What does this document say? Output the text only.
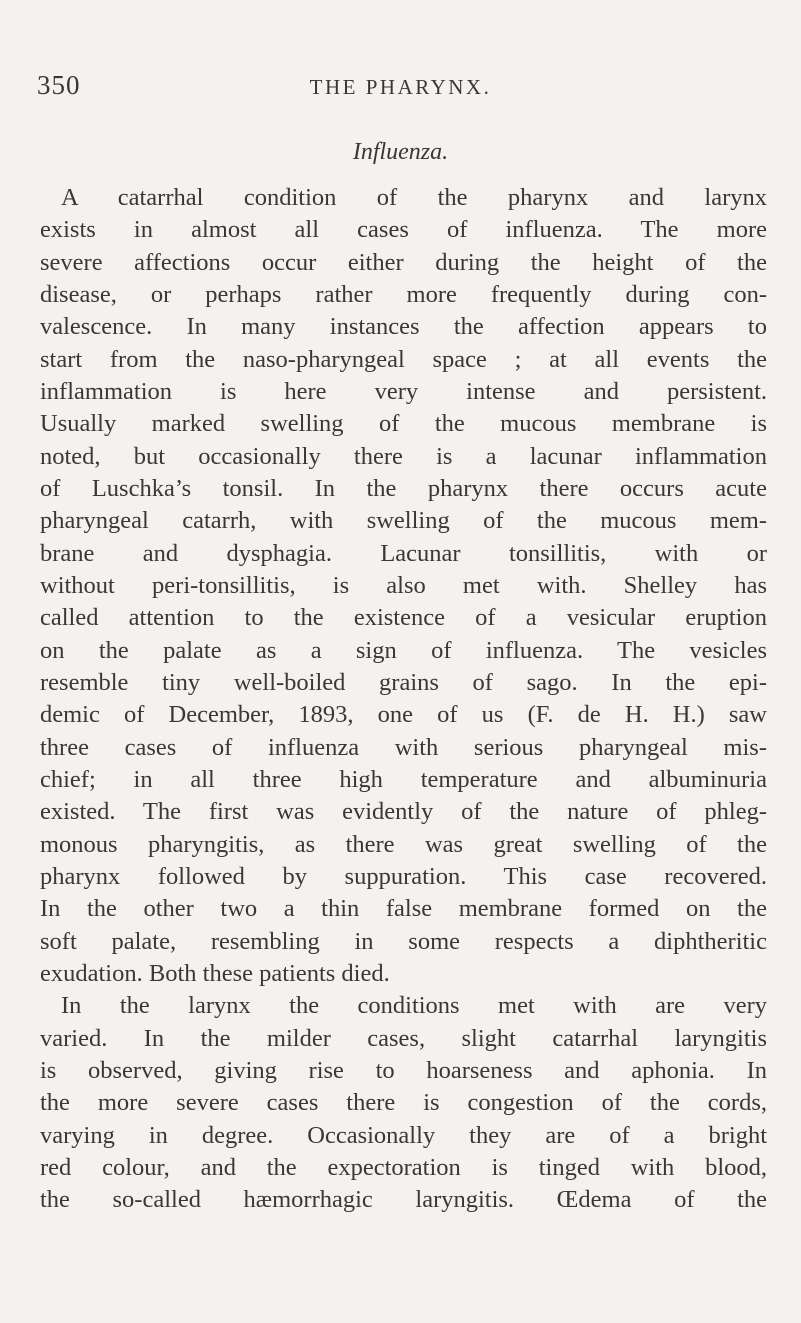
350	THE PHARYNX.
Influenza.
A catarrhal condition of the pharynx and larynx
exists in almost all cases of influenza. The more
severe affections occur either during the height of the
disease, or perhaps rather more frequently during con-
valescence. In many instances the affection appears to
start from the naso-pharyngeal space ; at all events the
inflammation is here very intense and persistent.
Usually marked swelling of the mucous membrane is
noted, but occasionally there is a lacunar inflammation
of Luschka’s tonsil. In the pharynx there occurs acute
pharyngeal catarrh, with swelling of the mucous mem-
brane and dysphagia. Lacunar tonsillitis, with or
without peri-tonsillitis, is also met with. Shelley has
called attention to the existence of a vesicular eruption
on the palate as a sign of influenza. The vesicles
resemble tiny well-boiled grains of sago. In the epi-
demic of December, 1893, one of us (F. de H. H.) saw
three cases of influenza with serious pharyngeal mis-
chief; in all three high temperature and albuminuria
existed. The first was evidently of the nature of phleg-
monous pharyngitis, as there was great swelling of the
pharynx followed by suppuration. This case recovered.
In the other two a thin false membrane formed on the
soft palate, resembling in some respects a diphtheritic
exudation. Both these patients died.
In the larynx the conditions met with are very
varied. In the milder cases, slight catarrhal laryngitis
is observed, giving rise to hoarseness and aphonia. In
the more severe cases there is congestion of the cords,
varying in degree. Occasionally they are of a bright
red colour, and the expectoration is tinged with blood,
the so-called hæmorrhagic laryngitis. Œdema of the
